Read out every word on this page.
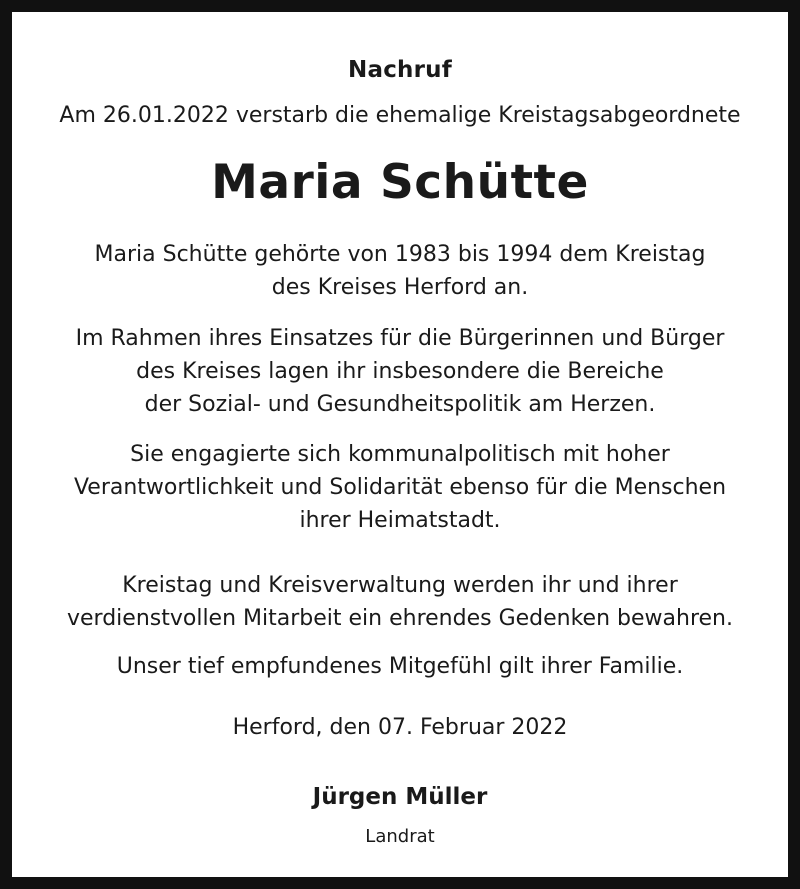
Nachruf
Am 26.01.2022 verstarb die ehemalige Kreistagsabgeordnete
Maria Schütte
Maria Schütte gehörte von 1983 bis 1994 dem Kreistag
des Kreises Herford an.
Im Rahmen ihres Einsatzes für die Bürgerinnen und Bürger
des Kreises lagen ihr insbesondere die Bereiche
der Sozial- und Gesundheitspolitik am Herzen.
Sie engagierte sich kommunalpolitisch mit hoher
Verantwortlichkeit und Solidarität ebenso für die Menschen
ihrer Heimatstadt.
Kreistag und Kreisverwaltung werden ihr und ihrer
verdienstvollen Mitarbeit ein ehrendes Gedenken bewahren.
Unser tief empfundenes Mitgefühl gilt ihrer Familie.
Herford, den 07. Februar 2022
Jürgen Müller
Landrat
